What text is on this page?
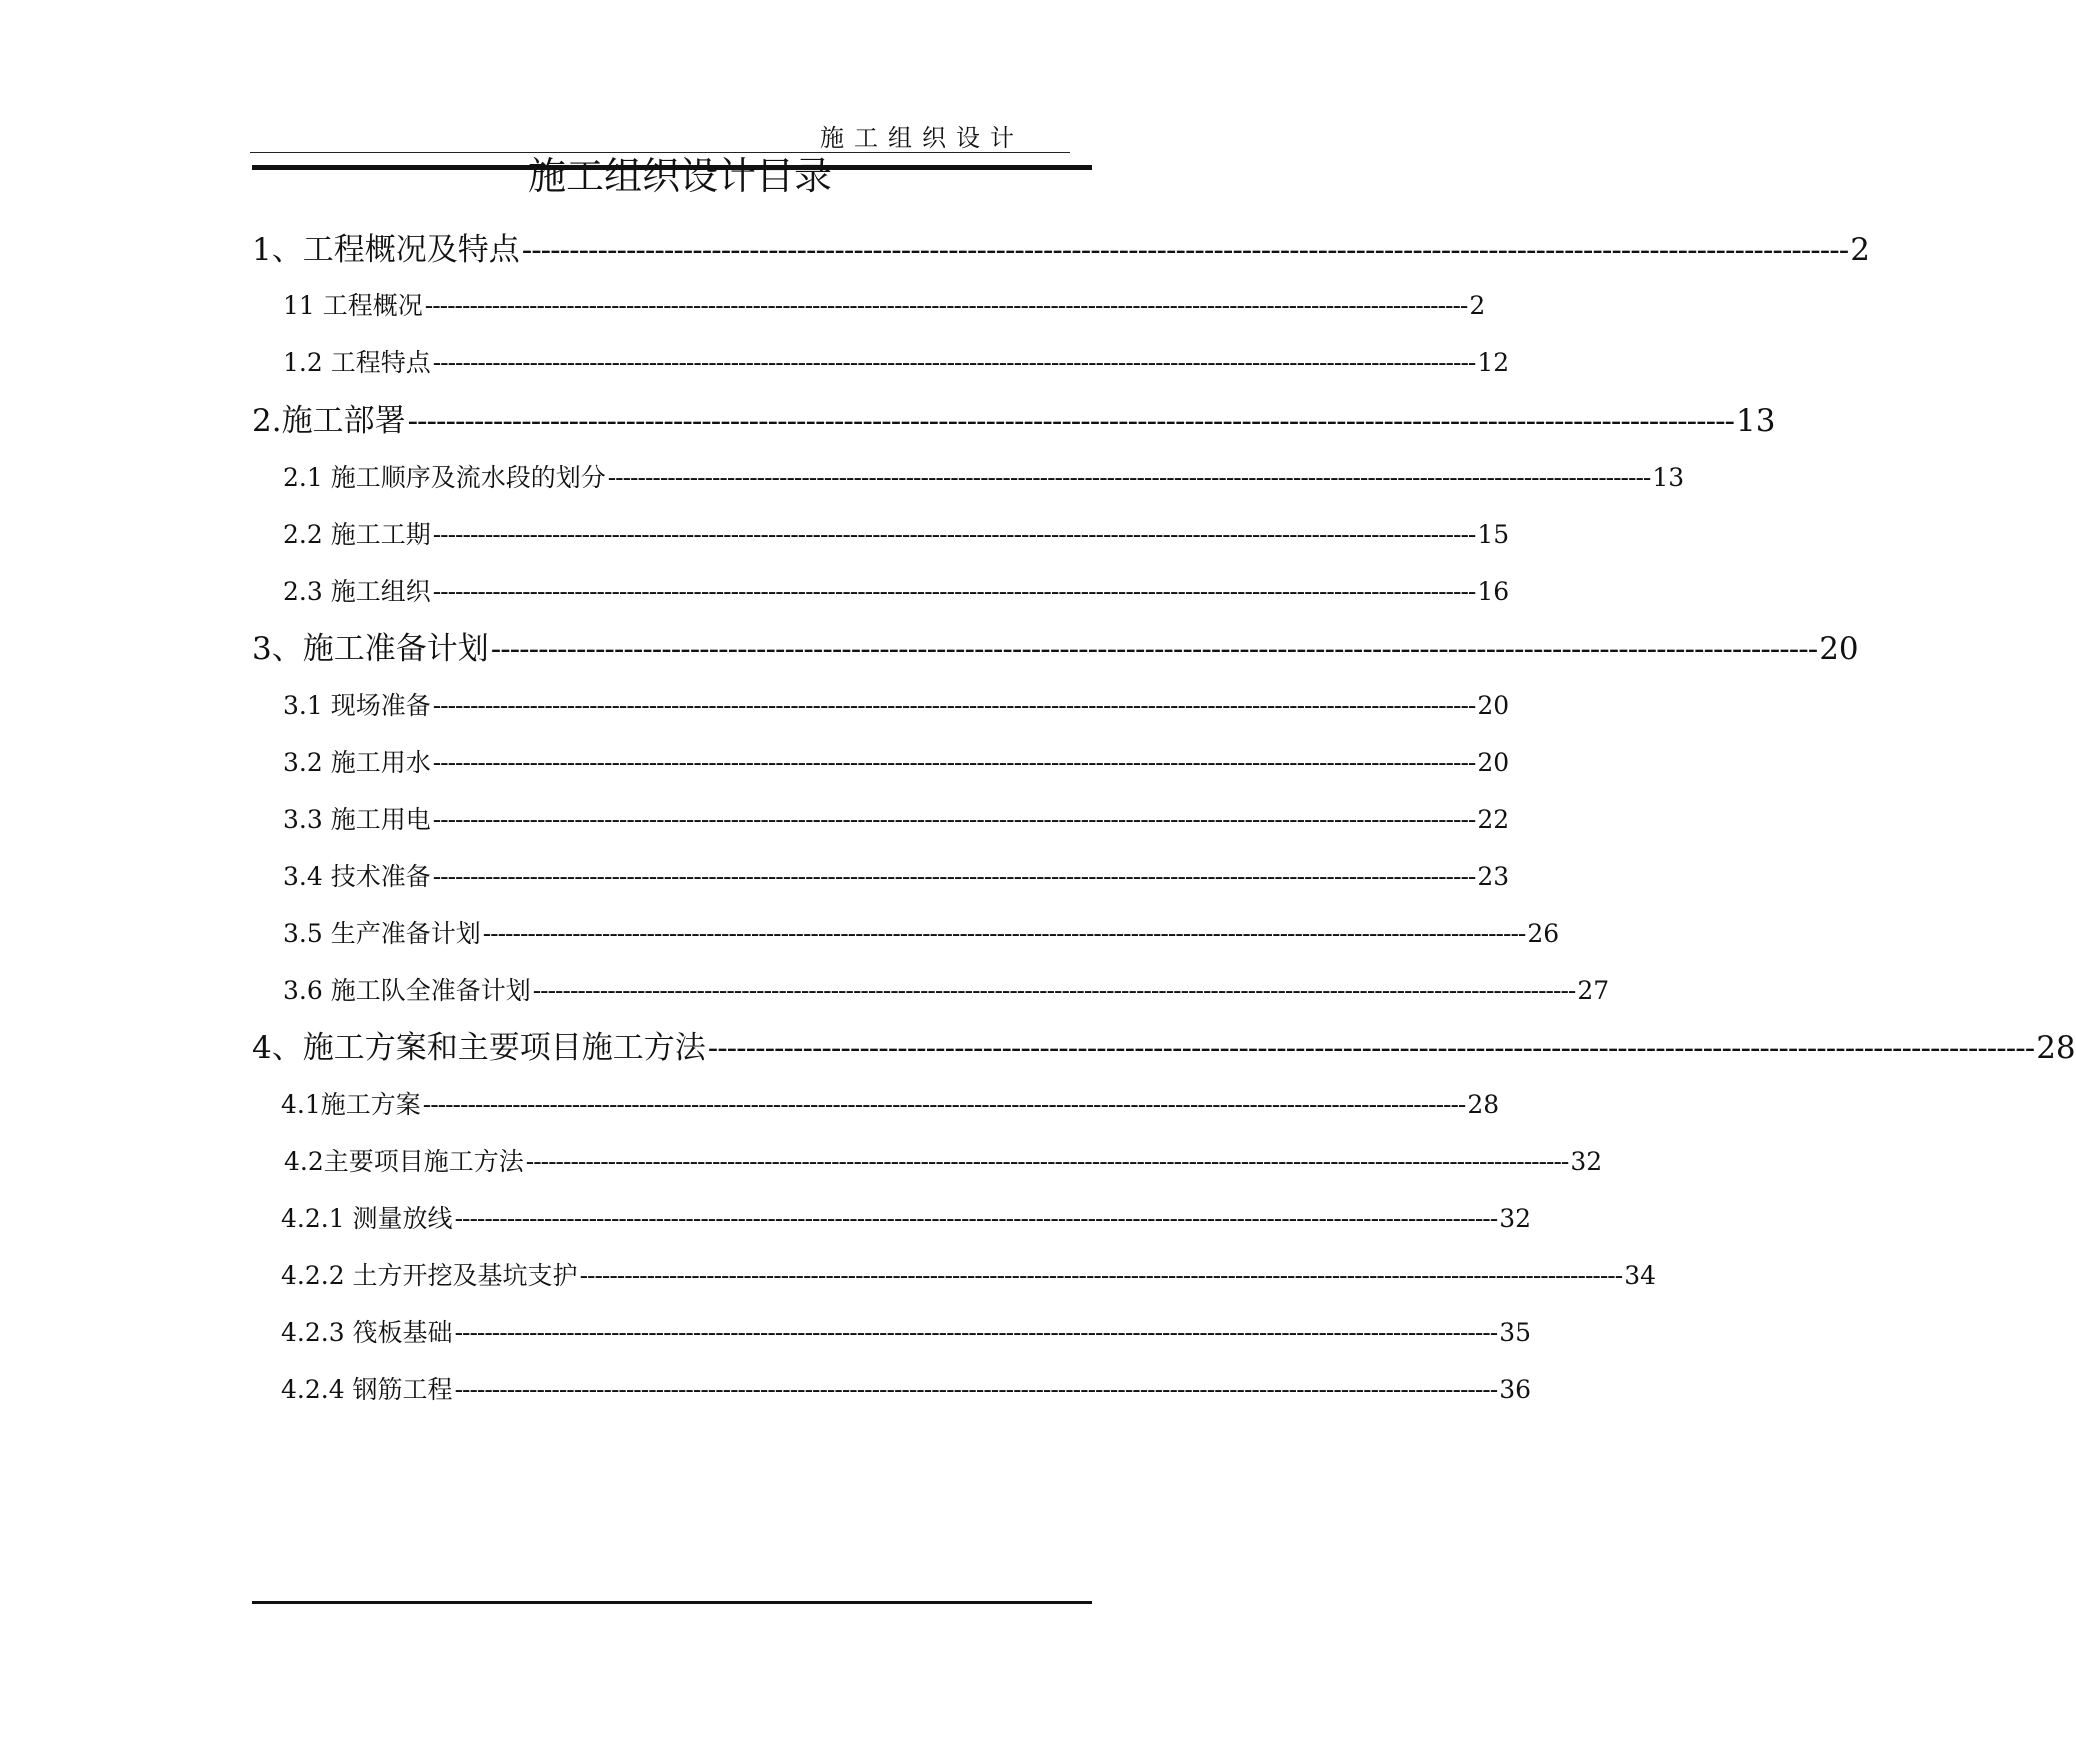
施工组织设计
施工组织设计目录
1、工程概况及特点 -------------------------------------------------------------------------------------------------------------------------------------------- 2
11 工程概况 -------------------------------------------------------------------------------------------------------------------------------------------- 2
1.2 工程特点 -------------------------------------------------------------------------------------------------------------------------------------------- 12
2.施工部署 -------------------------------------------------------------------------------------------------------------------------------------------- 13
2.1 施工顺序及流水段的划分 -------------------------------------------------------------------------------------------------------------------------------------------- 13
2.2 施工工期 -------------------------------------------------------------------------------------------------------------------------------------------- 15
2.3 施工组织 -------------------------------------------------------------------------------------------------------------------------------------------- 16
3、施工准备计划 -------------------------------------------------------------------------------------------------------------------------------------------- 20
3.1 现场准备 -------------------------------------------------------------------------------------------------------------------------------------------- 20
3.2 施工用水 -------------------------------------------------------------------------------------------------------------------------------------------- 20
3.3 施工用电 -------------------------------------------------------------------------------------------------------------------------------------------- 22
3.4 技术准备 -------------------------------------------------------------------------------------------------------------------------------------------- 23
3.5 生产准备计划 -------------------------------------------------------------------------------------------------------------------------------------------- 26
3.6 施工队全准备计划 -------------------------------------------------------------------------------------------------------------------------------------------- 27
4、施工方案和主要项目施工方法 -------------------------------------------------------------------------------------------------------------------------------------------- 28
4.1施工方案 -------------------------------------------------------------------------------------------------------------------------------------------- 28
4.2主要项目施工方法 -------------------------------------------------------------------------------------------------------------------------------------------- 32
4.2.1 测量放线 -------------------------------------------------------------------------------------------------------------------------------------------- 32
4.2.2 土方开挖及基坑支护 -------------------------------------------------------------------------------------------------------------------------------------------- 34
4.2.3 筏板基础 -------------------------------------------------------------------------------------------------------------------------------------------- 35
4.2.4 钢筋工程 -------------------------------------------------------------------------------------------------------------------------------------------- 36
